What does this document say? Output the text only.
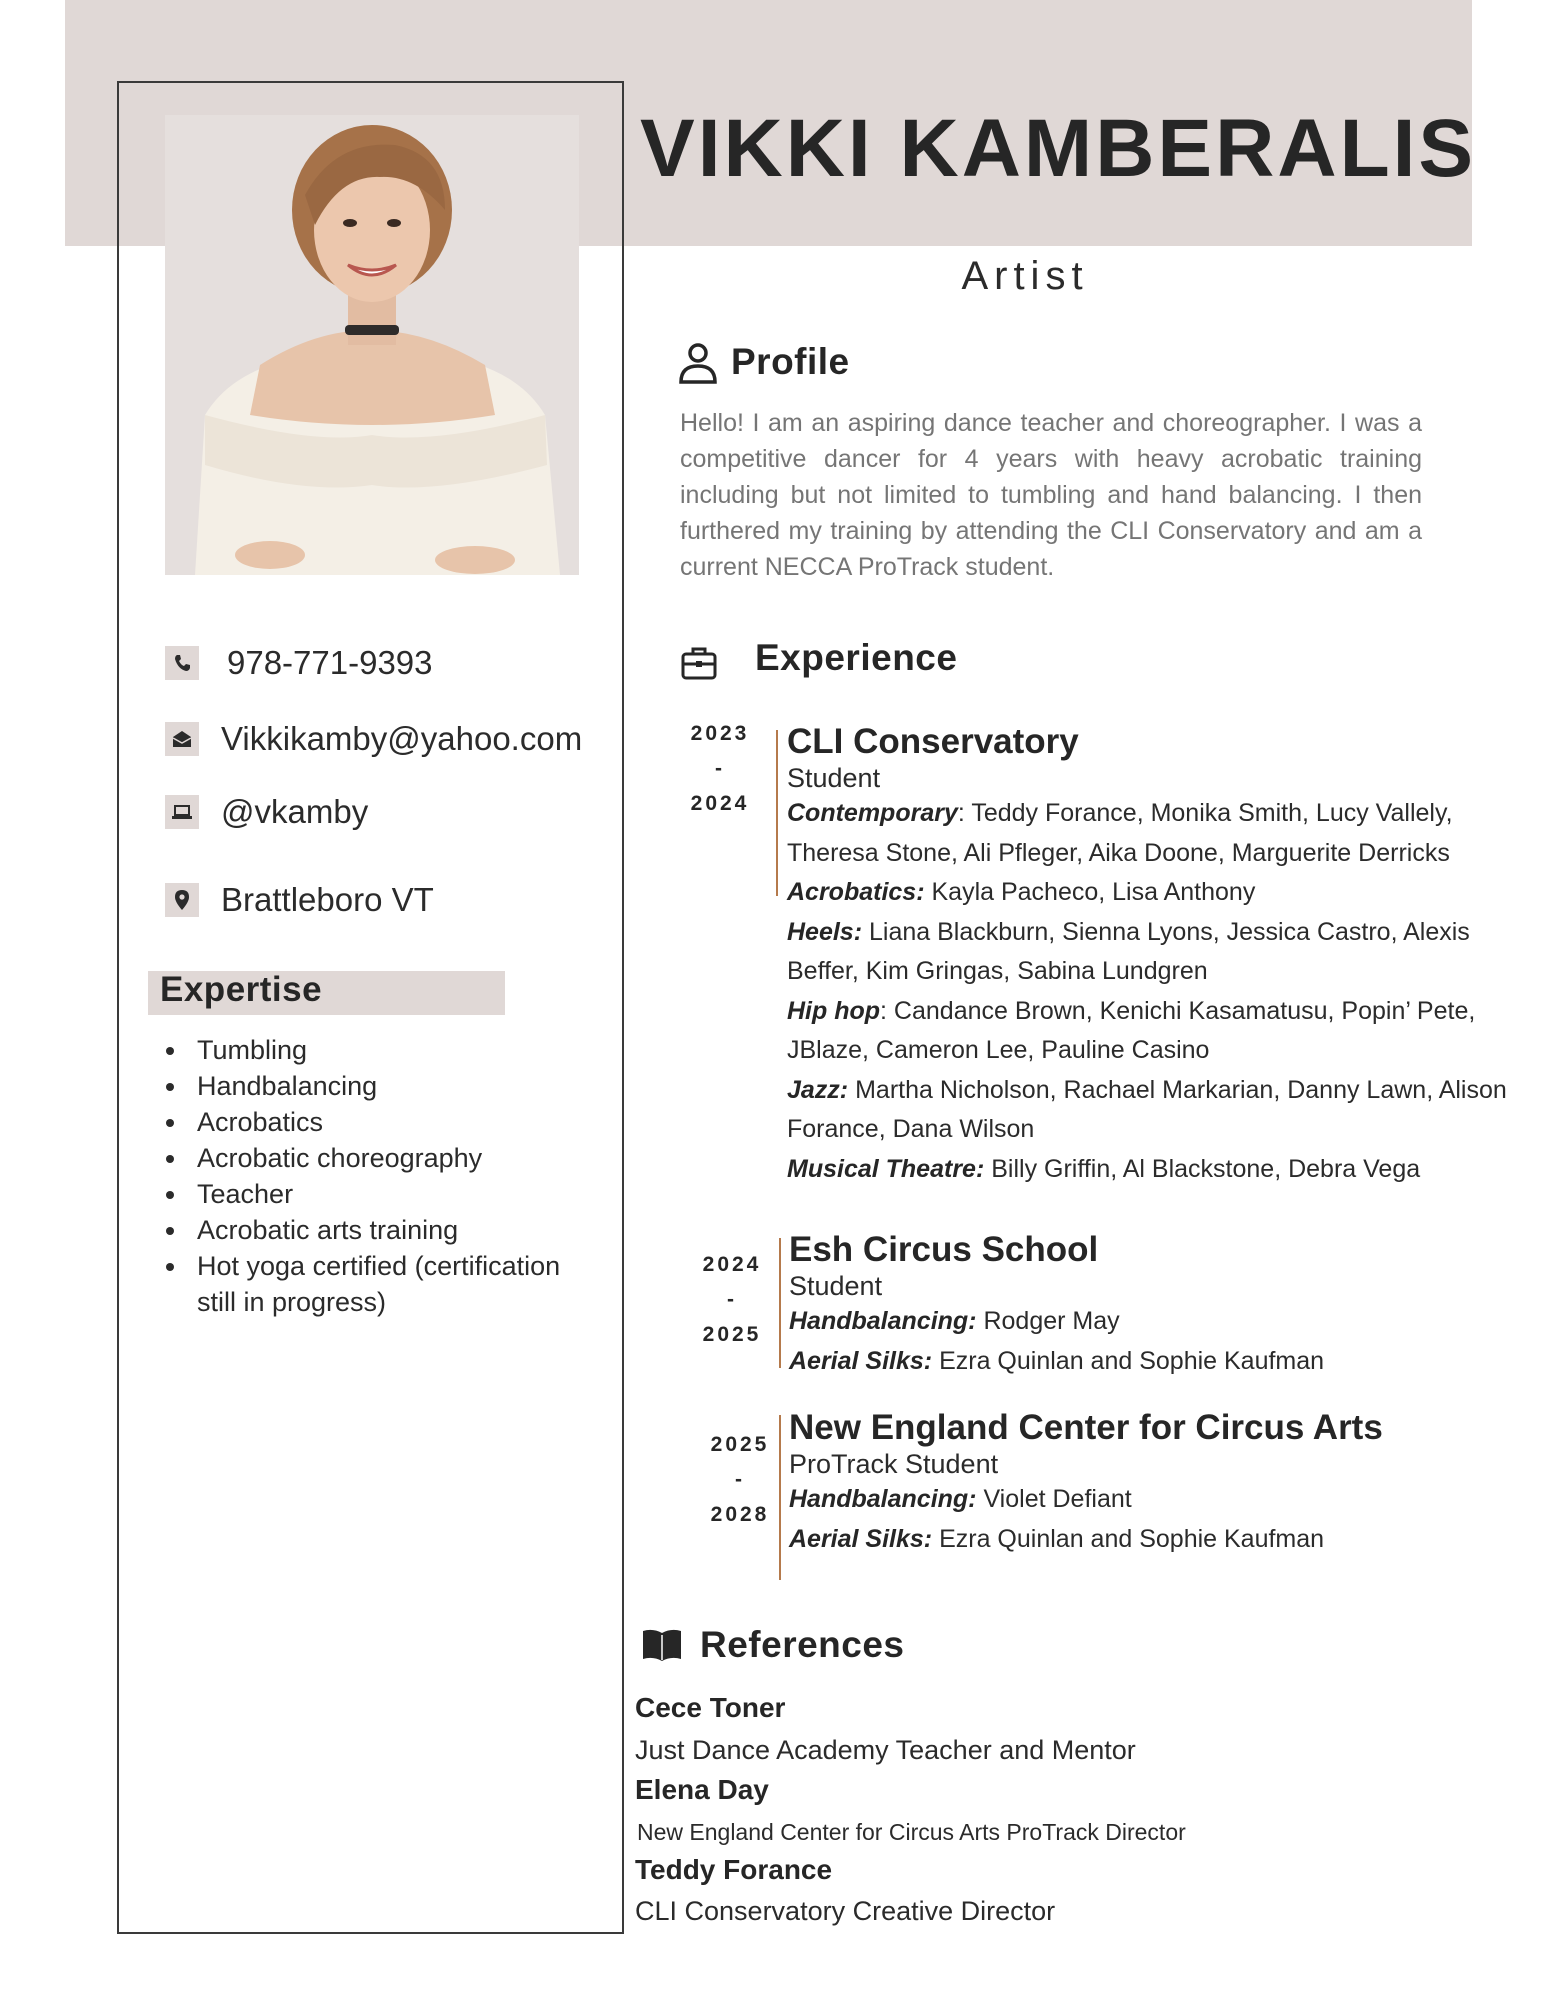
VIKKI KAMBERALIS
Artist
978-771-9393
Vikkikamby@yahoo.com
@vkamby
Brattleboro VT
Expertise
Tumbling
Handbalancing
Acrobatics
Acrobatic choreography
Teacher
Acrobatic arts training
Hot yoga certified (certification still in progress)
Profile

Hello! I am an aspiring dance teacher and choreographer. I was a competitive dancer for 4 years with heavy acrobatic training including but not limited to tumbling and hand balancing. I then furthered my training by attending the CLI Conservatory and am a current NECCA ProTrack student.

Experience
2023
-
2024
CLI Conservatory
Student

Contemporary: Teddy Forance, Monika Smith, Lucy Vallely, Theresa Stone, Ali Pfleger, Aika Doone, Marguerite Derricks

Acrobatics: Kayla Pacheco, Lisa Anthony

Heels: Liana Blackburn, Sienna Lyons, Jessica Castro, Alexis Beffer, Kim Gringas, Sabina Lundgren

Hip hop: Candance Brown, Kenichi Kasamatusu, Popin’ Pete, JBlaze, Cameron Lee, Pauline Casino

Jazz: Martha Nicholson, Rachael Markarian, Danny Lawn, Alison Forance, Dana Wilson

Musical Theatre: Billy Griffin, Al Blackstone, Debra Vega

2024
-
2025
Esh Circus School
Student

Handbalancing: Rodger May

Aerial Silks: Ezra Quinlan and Sophie Kaufman

2025
-
2028
New England Center for Circus Arts
ProTrack Student

Handbalancing: Violet Defiant

Aerial Silks: Ezra Quinlan and Sophie Kaufman

References
Cece Toner
Just Dance Academy Teacher and Mentor
Elena Day
New England Center for Circus Arts ProTrack Director
Teddy Forance
CLI Conservatory Creative Director
